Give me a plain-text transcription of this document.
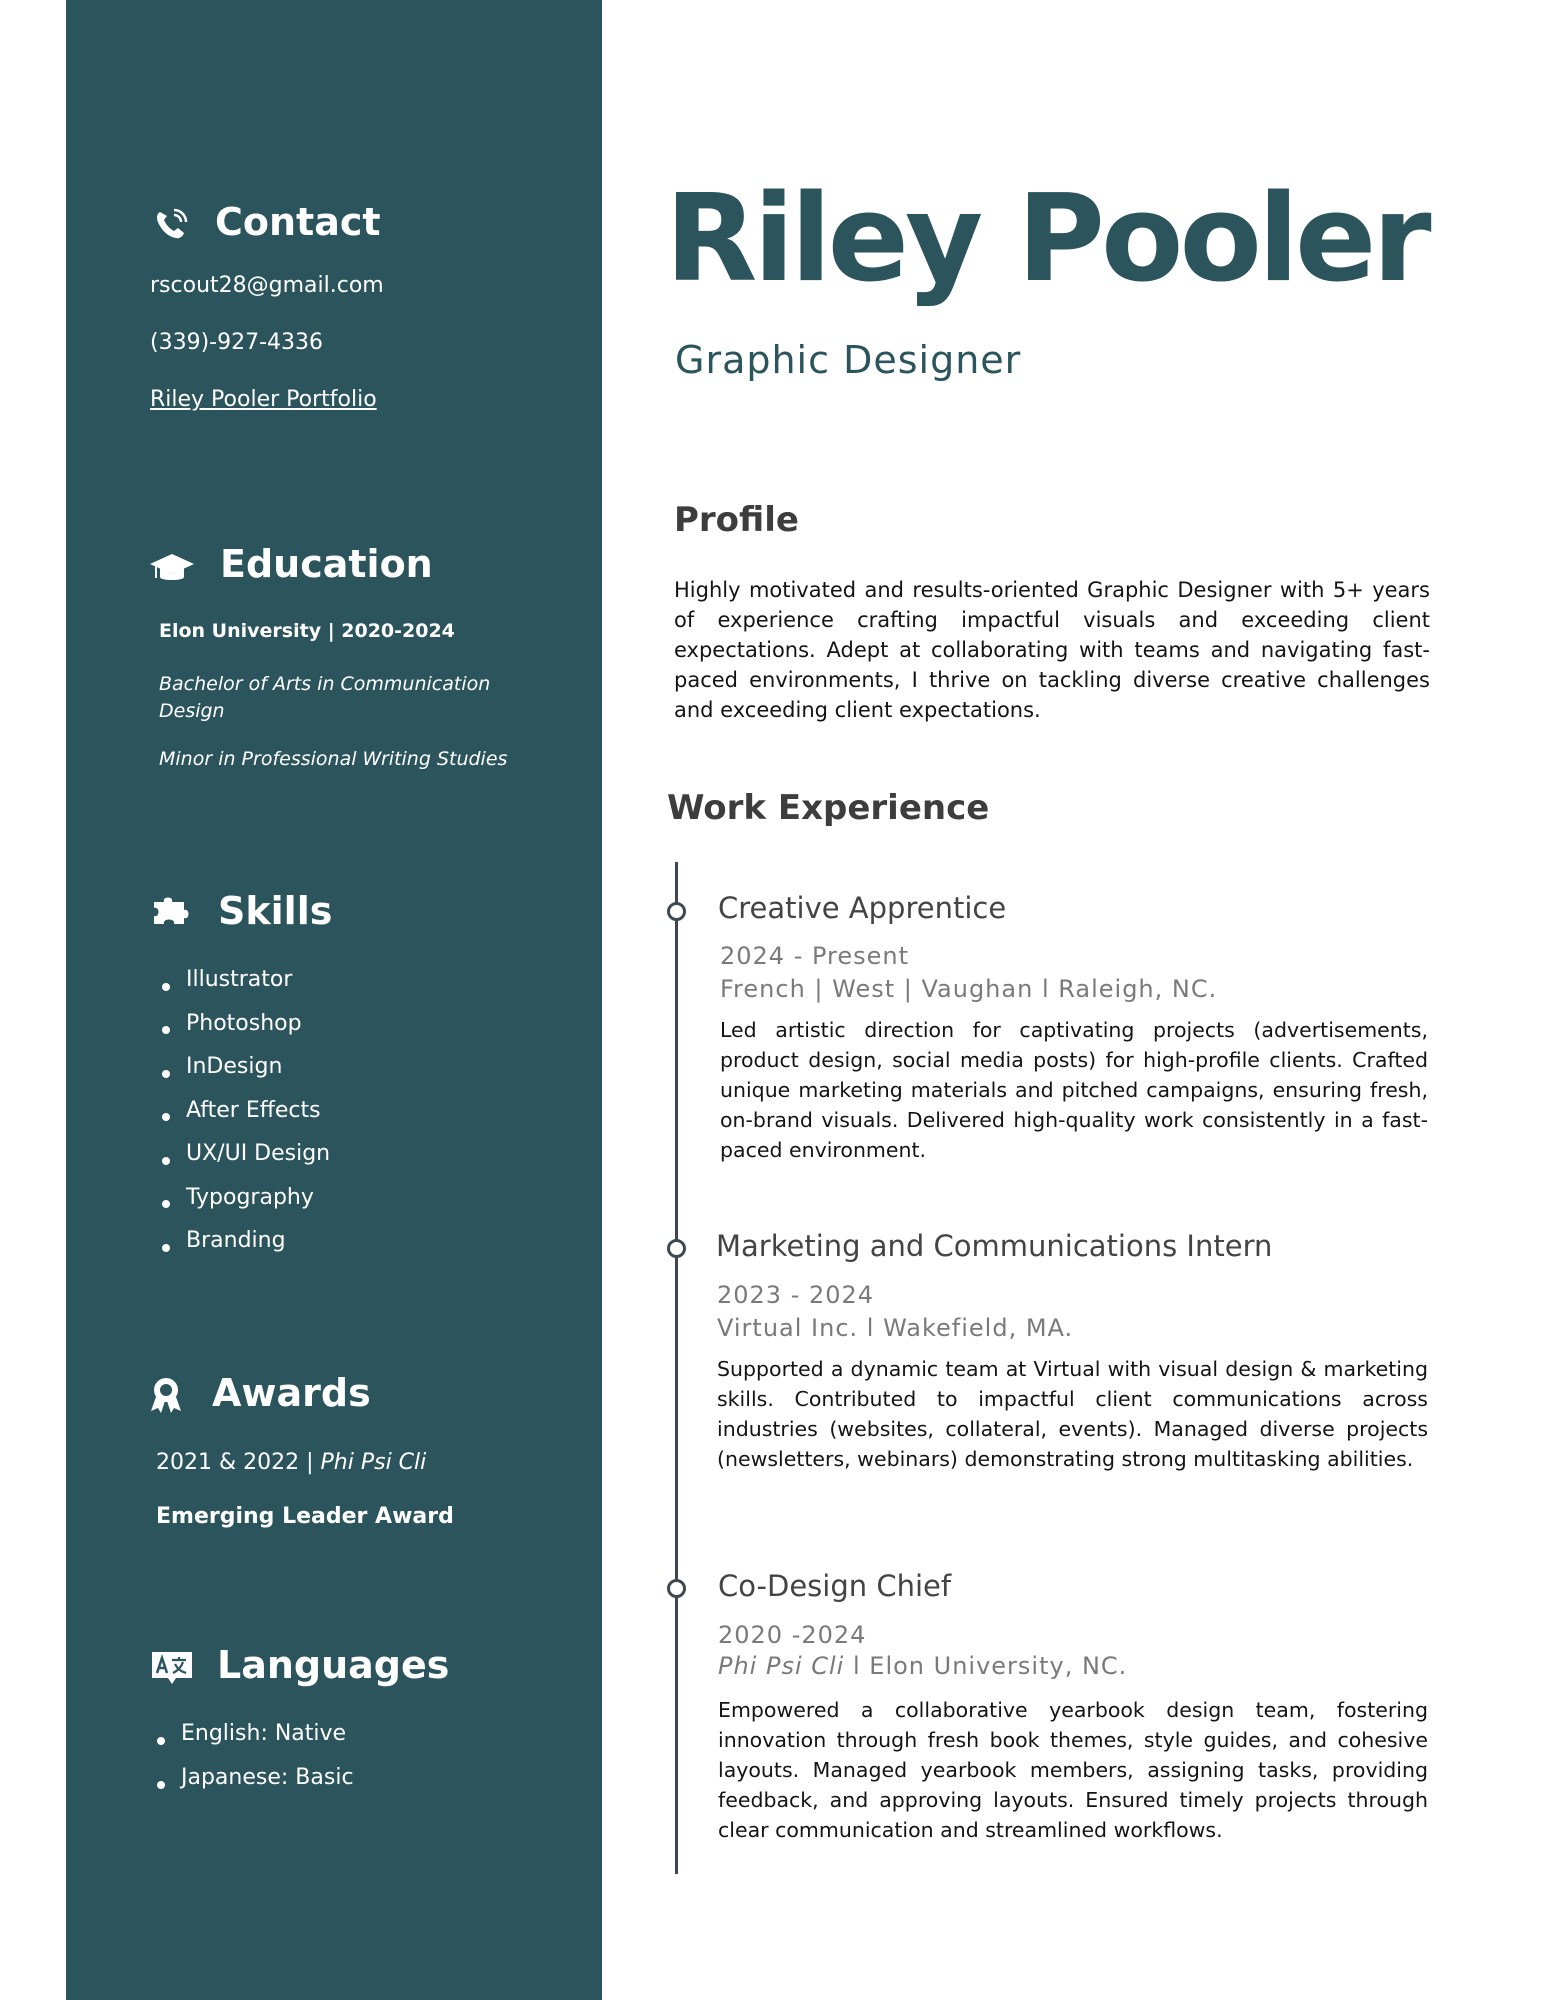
Contact
rscout28@gmail.com
(339)-927-4336
Riley Pooler Portfolio
Education
Elon University | 2020-2024
Bachelor of Arts in Communication Design
Minor in Professional Writing Studies
Skills
Illustrator
Photoshop
InDesign
After Effects
UX/UI Design
Typography
Branding
Awards
2021 & 2022 | Phi Psi Cli
Emerging Leader Award
Languages
English: Native
Japanese: Basic
Riley Pooler
Graphic Designer
Profile
Highly motivated and results-oriented Graphic Designer with 5+ years of experience crafting impactful visuals and exceeding client expectations. Adept at collaborating with teams and navigating fast-paced environments, I thrive on tackling diverse creative challenges and exceeding client expectations.
Work Experience
Creative Apprentice
2024 - Present
French | West | Vaughan l Raleigh, NC.
Led artistic direction for captivating projects (advertisements, product design, social media posts) for high-profile clients. Crafted unique marketing materials and pitched campaigns, ensuring fresh, on-brand visuals. Delivered high-quality work consistently in a fast-paced environment.
Marketing and Communications Intern
2023 - 2024
Virtual Inc. l Wakefield, MA.
Supported a dynamic team at Virtual with visual design & marketing skills. Contributed to impactful client communications across industries (websites, collateral, events). Managed diverse projects (newsletters, webinars) demonstrating strong multitasking abilities.
Co-Design Chief
2020 -2024
Phi Psi Cli l Elon University, NC.
Empowered a collaborative yearbook design team, fostering innovation through fresh book themes, style guides, and cohesive layouts. Managed yearbook members, assigning tasks, providing feedback, and approving layouts. Ensured timely projects through clear communication and streamlined workflows.
